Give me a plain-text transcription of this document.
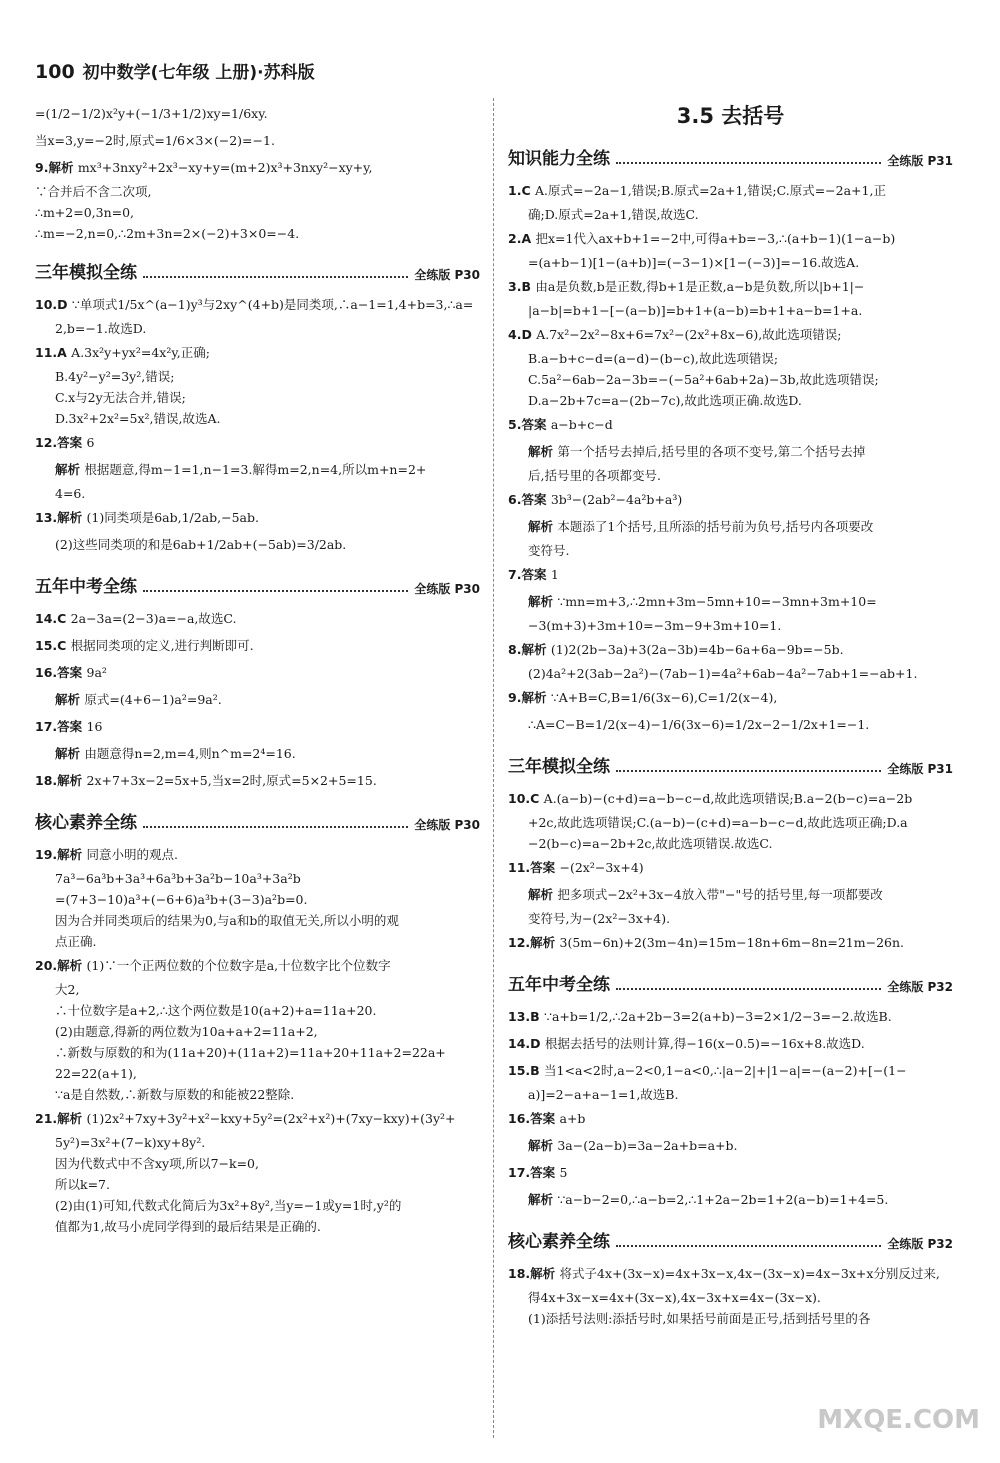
100 初中数学(七年级 上册)·苏科版

=(1/2−1/2)x²y+(−1/3+1/2)xy=1/6xy.

当x=3,y=−2时,原式=1/6×3×(−2)=−1.

9.解析 mx³+3nxy²+2x³−xy+y=(m+2)x³+3nxy²−xy+y,

∵合并后不含二次项,

∴m+2=0,3n=0,

∴m=−2,n=0,∴2m+3n=2×(−2)+3×0=−4.

三年模拟全练	全练版 P30

10.D ∵单项式1/5x^(a−1)y³与2xy^(4+b)是同类项,∴a−1=1,4+b=3,∴a=

2,b=−1.故选D.

11.A A.3x²y+yx²=4x²y,正确;

B.4y²−y²=3y²,错误;

C.x与2y无法合并,错误;

D.3x²+2x²=5x²,错误,故选A.

12.答案 6

解析 根据题意,得m−1=1,n−1=3.解得m=2,n=4,所以m+n=2+

4=6.

13.解析 (1)同类项是6ab,1/2ab,−5ab.

(2)这些同类项的和是6ab+1/2ab+(−5ab)=3/2ab.

五年中考全练	全练版 P30

14.C 2a−3a=(2−3)a=−a,故选C.

15.C 根据同类项的定义,进行判断即可.

16.答案 9a²

解析 原式=(4+6−1)a²=9a².

17.答案 16

解析 由题意得n=2,m=4,则n^m=2⁴=16.

18.解析 2x+7+3x−2=5x+5,当x=2时,原式=5×2+5=15.

核心素养全练	全练版 P30

19.解析 同意小明的观点.

7a³−6a³b+3a³+6a³b+3a²b−10a³+3a²b

=(7+3−10)a³+(−6+6)a³b+(3−3)a²b=0.

因为合并同类项后的结果为0,与a和b的取值无关,所以小明的观

点正确.

20.解析 (1)∵一个正两位数的个位数字是a,十位数字比个位数字

大2,

∴十位数字是a+2,∴这个两位数是10(a+2)+a=11a+20.

(2)由题意,得新的两位数为10a+a+2=11a+2,

∴新数与原数的和为(11a+20)+(11a+2)=11a+20+11a+2=22a+

22=22(a+1),

∵a是自然数,∴新数与原数的和能被22整除.

21.解析 (1)2x²+7xy+3y²+x²−kxy+5y²=(2x²+x²)+(7xy−kxy)+(3y²+

5y²)=3x²+(7−k)xy+8y².

因为代数式中不含xy项,所以7−k=0,

所以k=7.

(2)由(1)可知,代数式化简后为3x²+8y²,当y=−1或y=1时,y²的

值都为1,故马小虎同学得到的最后结果是正确的.

3.5 去括号
知识能力全练	全练版 P31

1.C A.原式=−2a−1,错误;B.原式=2a+1,错误;C.原式=−2a+1,正

确;D.原式=2a+1,错误,故选C.

2.A 把x=1代入ax+b+1=−2中,可得a+b=−3,∴(a+b−1)(1−a−b)

=(a+b−1)[1−(a+b)]=(−3−1)×[1−(−3)]=−16.故选A.

3.B 由a是负数,b是正数,得b+1是正数,a−b是负数,所以|b+1|−

|a−b|=b+1−[−(a−b)]=b+1+(a−b)=b+1+a−b=1+a.

4.D A.7x²−2x²−8x+6=7x²−(2x²+8x−6),故此选项错误;

B.a−b+c−d=(a−d)−(b−c),故此选项错误;

C.5a²−6ab−2a−3b=−(−5a²+6ab+2a)−3b,故此选项错误;

D.a−2b+7c=a−(2b−7c),故此选项正确.故选D.

5.答案 a−b+c−d

解析 第一个括号去掉后,括号里的各项不变号,第二个括号去掉

后,括号里的各项都变号.

6.答案 3b³−(2ab²−4a²b+a³)

解析 本题添了1个括号,且所添的括号前为负号,括号内各项要改

变符号.

7.答案 1

解析 ∵mn=m+3,∴2mn+3m−5mn+10=−3mn+3m+10=

−3(m+3)+3m+10=−3m−9+3m+10=1.

8.解析 (1)2(2b−3a)+3(2a−3b)=4b−6a+6a−9b=−5b.

(2)4a²+2(3ab−2a²)−(7ab−1)=4a²+6ab−4a²−7ab+1=−ab+1.

9.解析 ∵A+B=C,B=1/6(3x−6),C=1/2(x−4),

∴A=C−B=1/2(x−4)−1/6(3x−6)=1/2x−2−1/2x+1=−1.

三年模拟全练	全练版 P31

10.C A.(a−b)−(c+d)=a−b−c−d,故此选项错误;B.a−2(b−c)=a−2b

+2c,故此选项错误;C.(a−b)−(c+d)=a−b−c−d,故此选项正确;D.a

−2(b−c)=a−2b+2c,故此选项错误.故选C.

11.答案 −(2x²−3x+4)

解析 把多项式−2x²+3x−4放入带"−"号的括号里,每一项都要改

变符号,为−(2x²−3x+4).

12.解析 3(5m−6n)+2(3m−4n)=15m−18n+6m−8n=21m−26n.

五年中考全练	全练版 P32

13.B ∵a+b=1/2,∴2a+2b−3=2(a+b)−3=2×1/2−3=−2.故选B.

14.D 根据去括号的法则计算,得−16(x−0.5)=−16x+8.故选D.

15.B 当1<a<2时,a−2<0,1−a<0,∴|a−2|+|1−a|=−(a−2)+[−(1−

a)]=2−a+a−1=1,故选B.

16.答案 a+b

解析 3a−(2a−b)=3a−2a+b=a+b.

17.答案 5

解析 ∵a−b−2=0,∴a−b=2,∴1+2a−2b=1+2(a−b)=1+4=5.

核心素养全练	全练版 P32

18.解析 将式子4x+(3x−x)=4x+3x−x,4x−(3x−x)=4x−3x+x分别反过来,

得4x+3x−x=4x+(3x−x),4x−3x+x=4x−(3x−x).

(1)添括号法则:添括号时,如果括号前面是正号,括到括号里的各

MXQE.COM
